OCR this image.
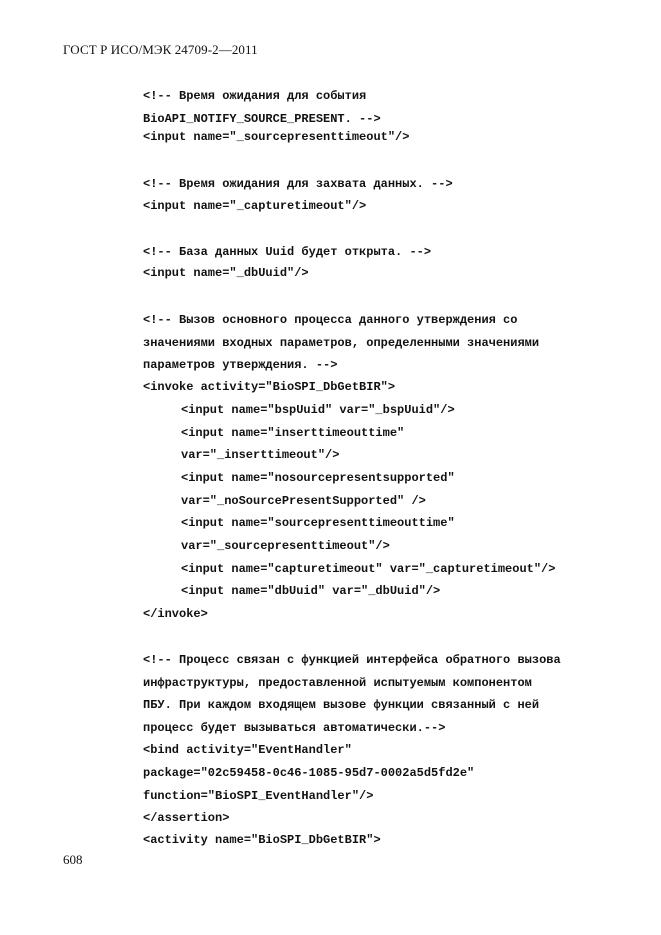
ГОСТ Р ИСО/МЭК 24709-2—2011
<!-- Время ожидания для события
BioAPI_NOTIFY_SOURCE_PRESENT. -->
<input name="_sourcepresenttimeout"/>
<!-- Время ожидания для захвата данных. -->
<input name="_capturetimeout"/>
<!-- База данных Uuid будет открыта. -->
<input name="_dbUuid"/>
<!-- Вызов основного процесса данного утверждения со
значениями входных параметров, определенными значениями
параметров утверждения. -->
<invoke activity="BioSPI_DbGetBIR">
<input name="bspUuid" var="_bspUuid"/>
<input name="inserttimeouttime"
var="_inserttimeout"/>
<input name="nosourcepresentsupported"
var="_noSourcePresentSupported" />
<input name="sourcepresenttimeouttime"
var="_sourcepresenttimeout"/>
<input name="capturetimeout" var="_capturetimeout"/>
<input name="dbUuid" var="_dbUuid"/>
</invoke>
<!-- Процесс связан с функцией интерфейса обратного вызова
инфраструктуры, предоставленной испытуемым компонентом
ПБУ. При каждом входящем вызове функции связанный с ней
процесс будет вызываться автоматически.-->
<bind activity="EventHandler"
package="02c59458-0c46-1085-95d7-0002a5d5fd2e"
function="BioSPI_EventHandler"/>
</assertion>
<activity name="BioSPI_DbGetBIR">
608
